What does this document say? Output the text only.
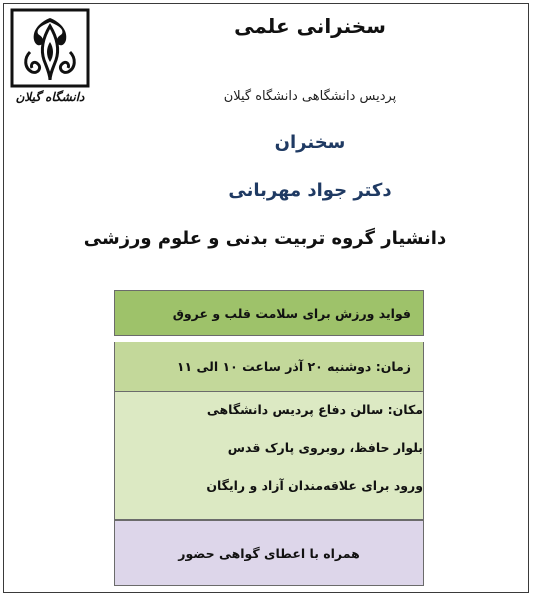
دانشگاه گیلان
سخنرانی علمی
پردیس دانشگاهی دانشگاه گیلان
سخنران
دکتر جواد مهربانی
دانشیار گروه تربیت بدنی و علوم ورزشی
فواید ورزش برای سلامت قلب و عروق
زمان: دوشنبه ۲۰ آذر ساعت ۱۰ الی ۱۱
مکان: سالن دفاع پردیس دانشگاهی
بلوار حافظ، روبروی پارک قدس
ورود برای علاقه‌مندان آزاد و رایگان
همراه با اعطای گواهی حضور
